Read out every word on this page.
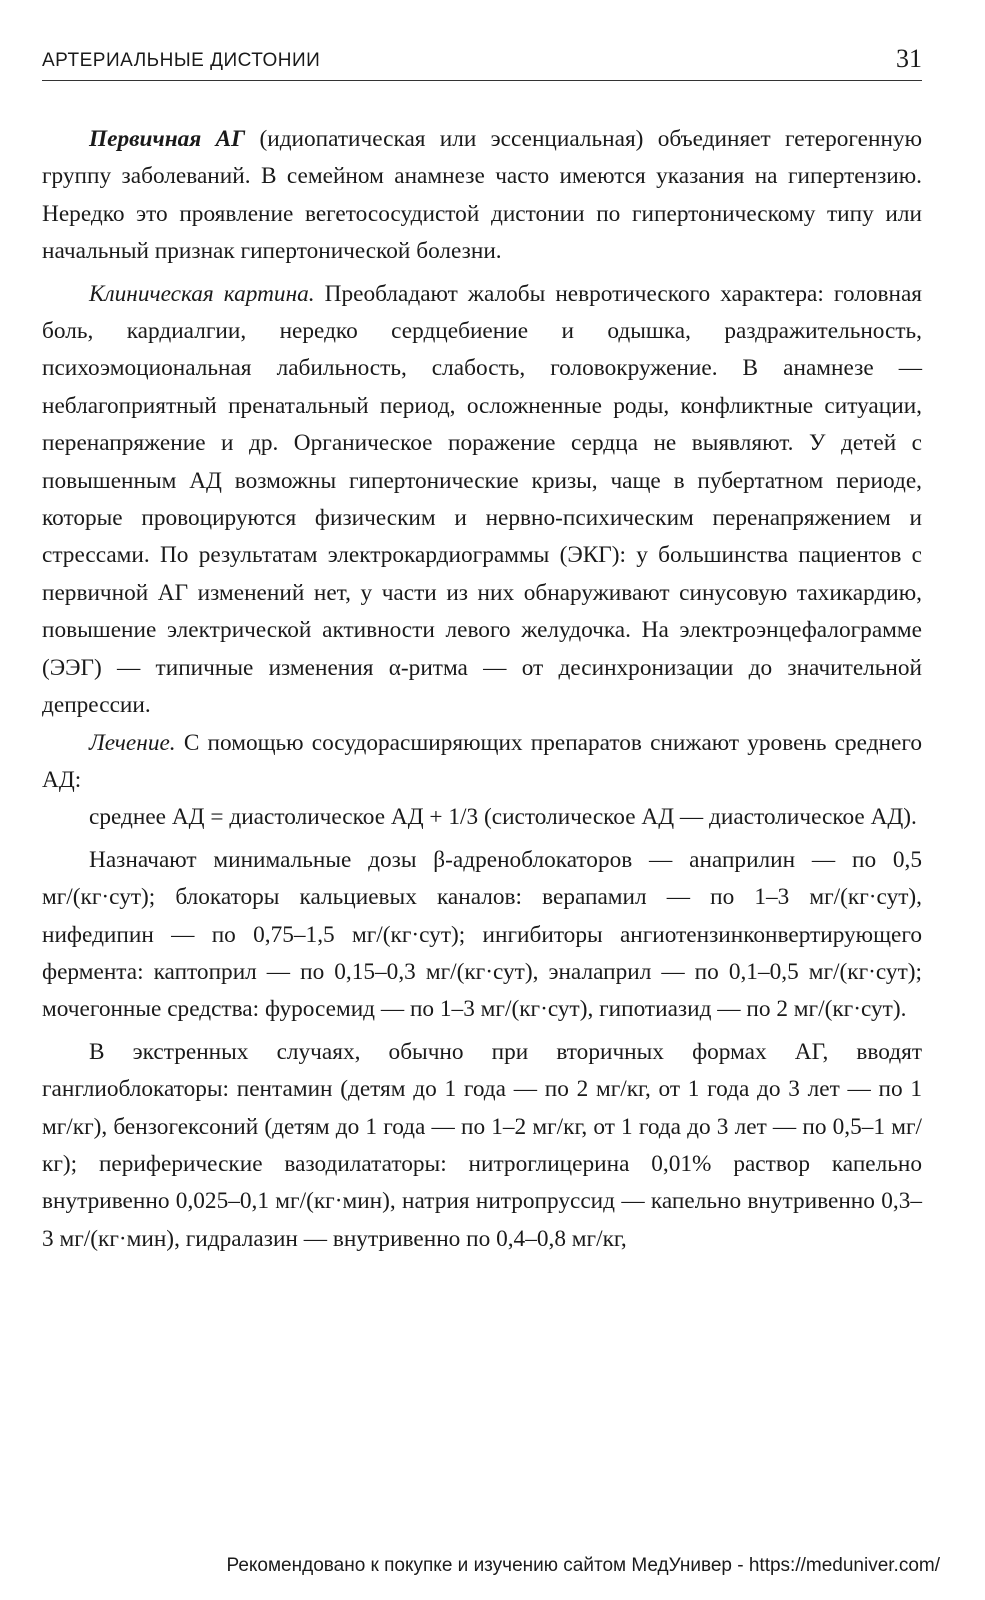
АРТЕРИАЛЬНЫЕ ДИСТОНИИ	31

Первичная АГ (идиопатическая или эссенциальная) объединяет гетерогенную группу заболеваний. В семейном анамнезе часто имеются указания на гипертензию. Нередко это проявление вегетососудистой дистонии по гипертоническому типу или начальный признак гипертонической болезни.

Клиническая картина. Преобладают жалобы невротического характера: головная боль, кардиалгии, нередко сердцебиение и одышка, раздражительность, психоэмоциональная лабильность, слабость, головокружение. В анамнезе — неблагоприятный пренатальный период, осложненные роды, конфликтные ситуации, перенапряжение и др. Органическое поражение сердца не выявляют. У детей с повышенным АД возможны гипертонические кризы, чаще в пубертатном периоде, которые провоцируются физическим и нервно-психическим перенапряжением и стрессами. По результатам электрокардиограммы (ЭКГ): у большинства пациентов с первичной АГ изменений нет, у части из них обнаруживают синусовую тахикардию, повышение электрической активности левого желудочка. На электроэнцефалограмме (ЭЭГ) — типичные изменения α-ритма — от десинхронизации до значительной депрессии.

Лечение. С помощью сосудорасширяющих препаратов снижают уровень среднего АД:

среднее АД = диастолическое АД + 1/3 (систолическое АД — диастолическое АД).

Назначают минимальные дозы β-адреноблокаторов — анаприлин — по 0,5 мг/(кг·сут); блокаторы кальциевых каналов: верапамил — по 1–3 мг/(кг·сут), нифедипин — по 0,75–1,5 мг/(кг·сут); ингибиторы ангиотензинконвертирующего фермента: каптоприл — по 0,15–0,3 мг/(кг·сут), эналаприл — по 0,1–0,5 мг/(кг·сут); мочегонные средства: фуросемид — по 1–3 мг/(кг·сут), гипотиазид — по 2 мг/(кг·сут).

В экстренных случаях, обычно при вторичных формах АГ, вводят ганглиоблокаторы: пентамин (детям до 1 года — по 2 мг/кг, от 1 года до 3 лет — по 1 мг/кг), бензогексоний (детям до 1 года — по 1–2 мг/кг, от 1 года до 3 лет — по 0,5–1 мг/кг); периферические вазодилататоры: нитроглицерина 0,01% раствор капельно внутривенно 0,025–0,1 мг/(кг·мин), натрия нитропруссид — капельно внутривенно 0,3–3 мг/(кг·мин), гидралазин — внутривенно по 0,4–0,8 мг/кг,

Рекомендовано к покупке и изучению сайтом МедУнивер - https://meduniver.com/
